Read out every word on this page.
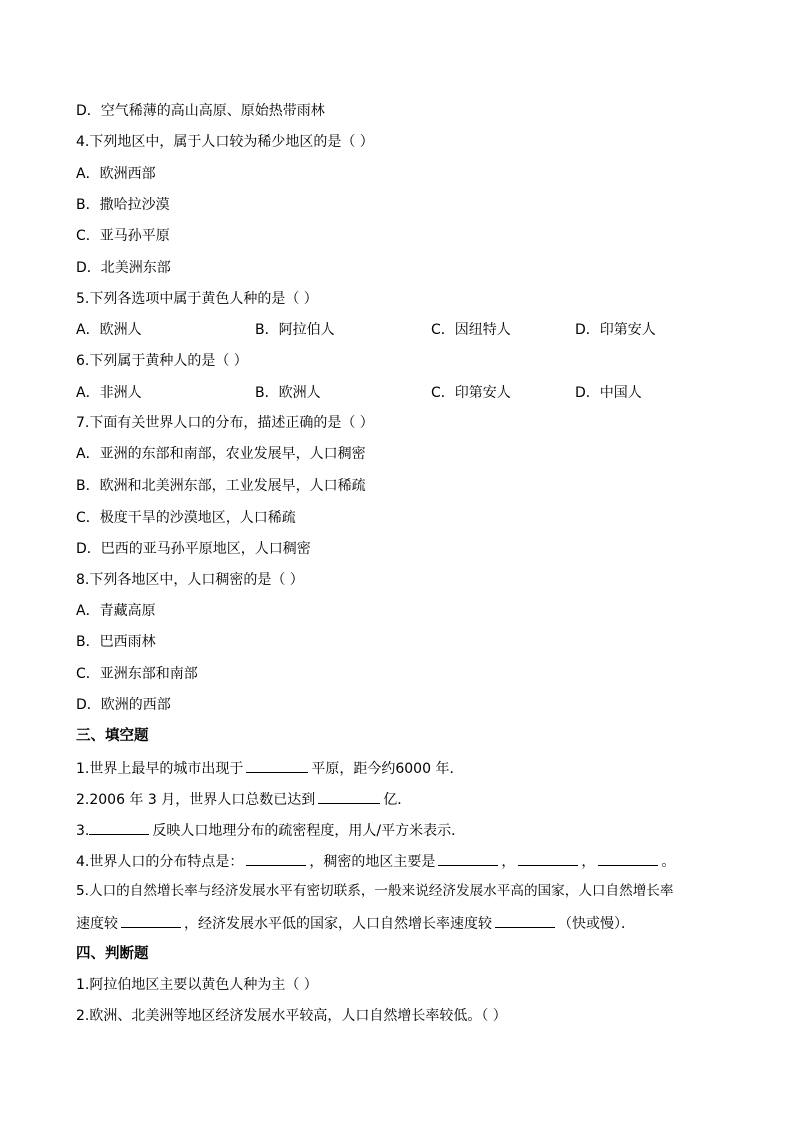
D．空气稀薄的高山高原、原始热带雨林
4.下列地区中，属于人口较为稀少地区的是（ ）
A．欧洲西部
B．撒哈拉沙漠
C．亚马孙平原
D．北美洲东部
5.下列各选项中属于黄色人种的是（ ）
A．欧洲人	B．阿拉伯人	C．因纽特人	D．印第安人
6.下列属于黄种人的是（ ）
A．非洲人	B．欧洲人	C．印第安人	D．中国人
7.下面有关世界人口的分布，描述正确的是（ ）
A．亚洲的东部和南部，农业发展早，人口稠密
B．欧洲和北美洲东部，工业发展早，人口稀疏
C．极度干旱的沙漠地区，人口稀疏
D．巴西的亚马孙平原地区，人口稠密
8.下列各地区中，人口稠密的是（ ）
A．青藏高原
B．巴西雨林
C．亚洲东部和南部
D．欧洲的西部
三、填空题
1.世界上最早的城市出现于	平原，距今约6000 年．
2.2006 年 3 月，世界人口总数已达到	亿．
3.	反映人口地理分布的疏密程度，用人/平方米表示．
4.世界人口的分布特点是：	，稠密的地区主要是	，	，	。
5.人口的自然增长率与经济发展水平有密切联系，一般来说经济发展水平高的国家，人口自然增长率
速度较	，经济发展水平低的国家，人口自然增长率速度较	（快或慢）．
四、判断题
1.阿拉伯地区主要以黄色人种为主（ ）
2.欧洲、北美洲等地区经济发展水平较高，人口自然增长率较低。（ ）
